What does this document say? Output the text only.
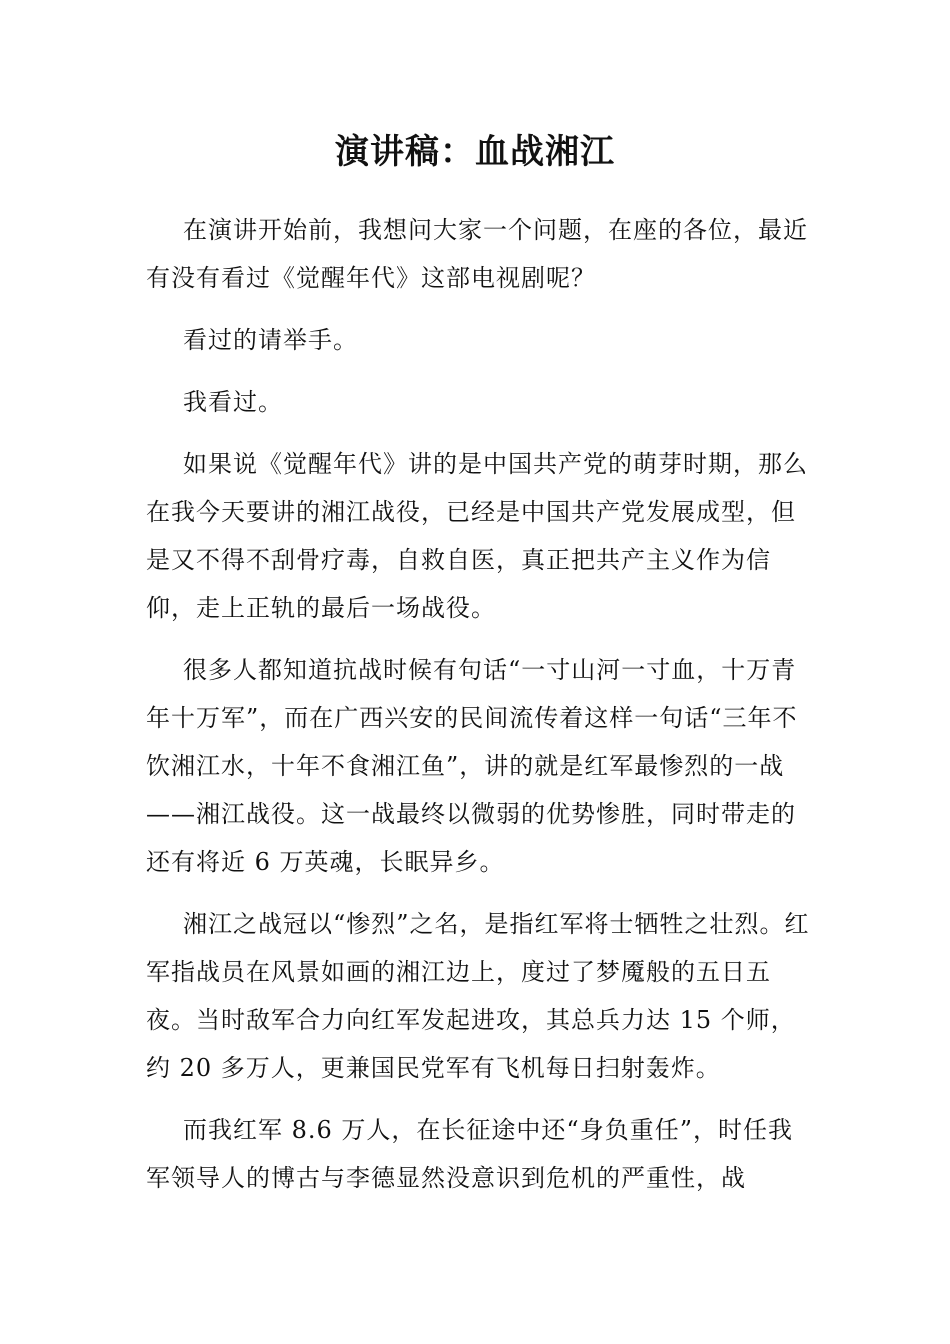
演讲稿：血战湘江

在演讲开始前，我想问大家一个问题，在座的各位，最近有没有看过《觉醒年代》这部电视剧呢？

看过的请举手。

我看过。

如果说《觉醒年代》讲的是中国共产党的萌芽时期，那么在我今天要讲的湘江战役，已经是中国共产党发展成型，但是又不得不刮骨疗毒，自救自医，真正把共产主义作为信仰，走上正轨的最后一场战役。

很多人都知道抗战时候有句话“一寸山河一寸血，十万青年十万军”，而在广西兴安的民间流传着这样一句话“三年不饮湘江水，十年不食湘江鱼”，讲的就是红军最惨烈的一战——湘江战役。这一战最终以微弱的优势惨胜，同时带走的还有将近 6 万英魂，长眠异乡。

湘江之战冠以“惨烈”之名，是指红军将士牺牲之壮烈。红军指战员在风景如画的湘江边上，度过了梦魇般的五日五夜。当时敌军合力向红军发起进攻，其总兵力达 15 个师，约 20 多万人，更兼国民党军有飞机每日扫射轰炸。

而我红军 8.6 万人，在长征途中还“身负重任”，时任我军领导人的博古与李德显然没意识到危机的严重性，战
